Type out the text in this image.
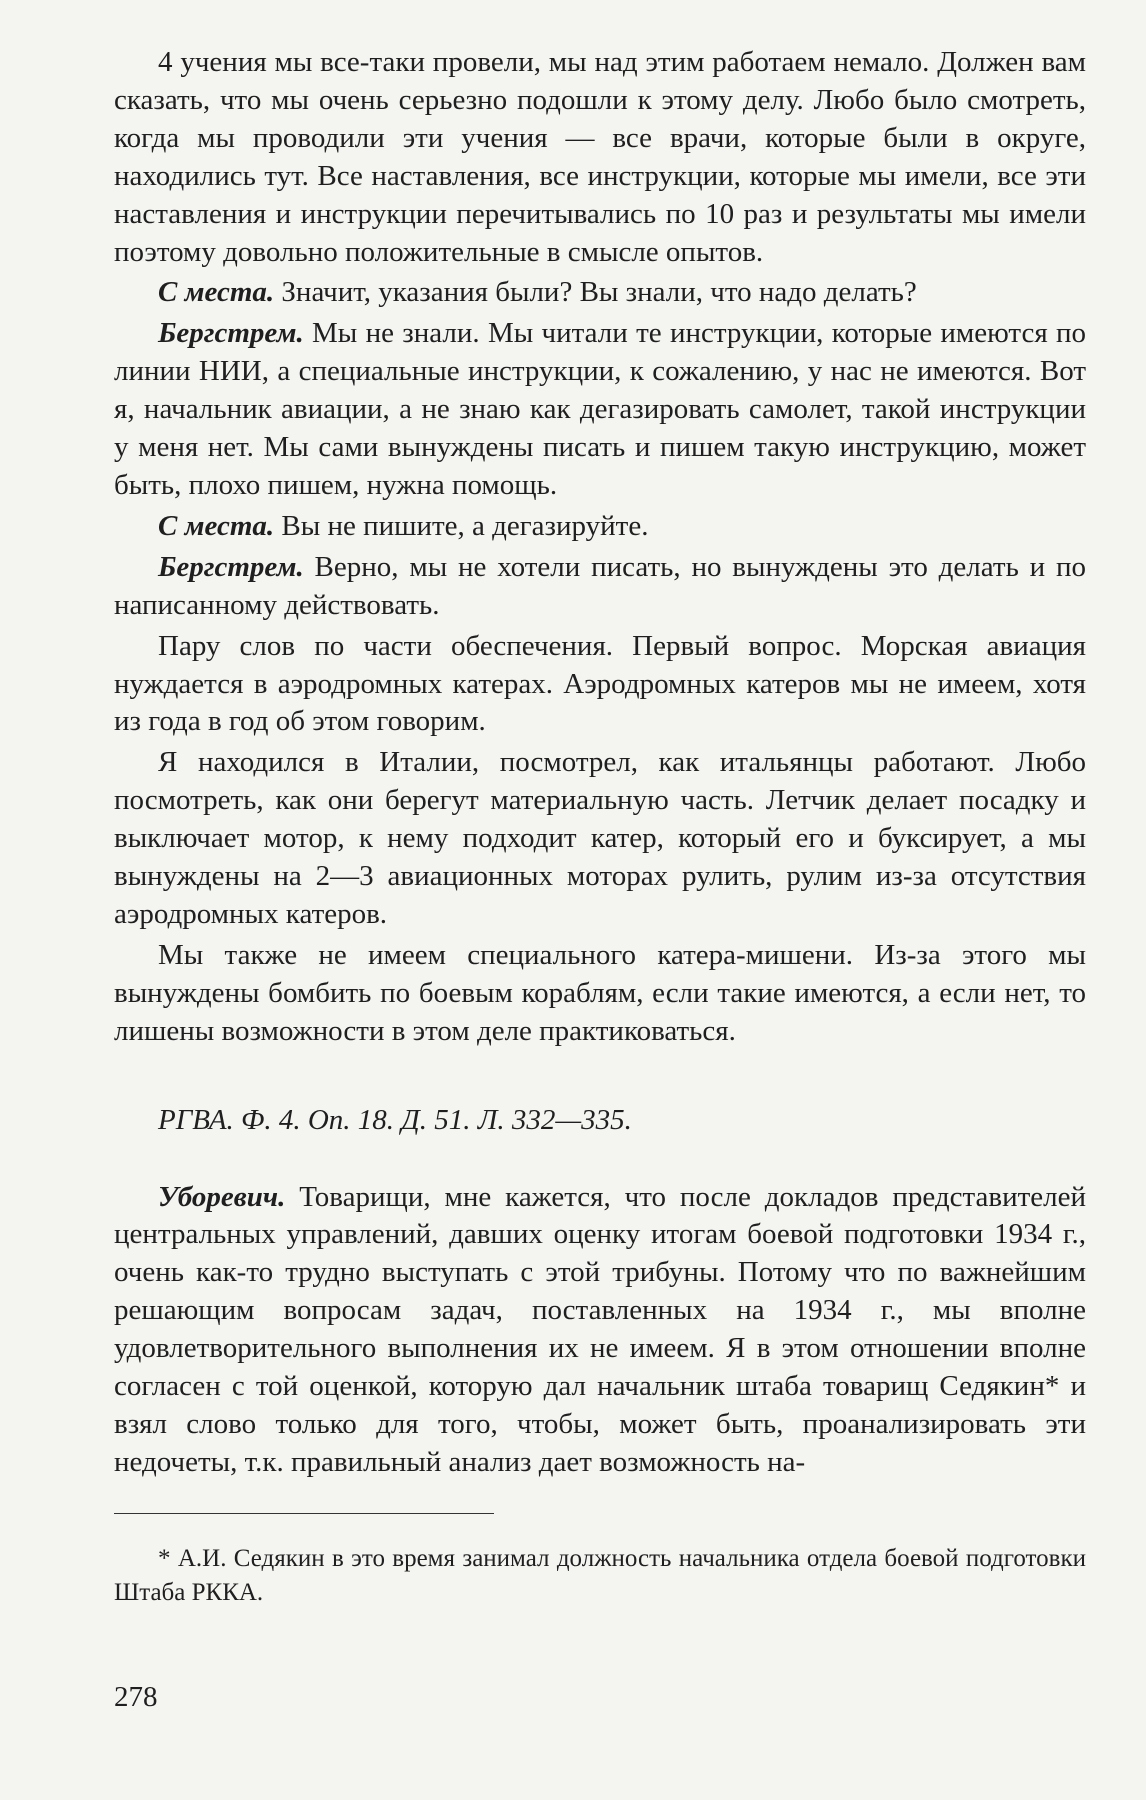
4 учения мы все-таки провели, мы над этим работаем немало. Должен вам сказать, что мы очень серьезно подошли к этому делу. Любо было смотреть, когда мы проводили эти учения — все врачи, которые были в округе, находились тут. Все наставления, все инструкции, которые мы имели, все эти наставления и инструкции перечитывались по 10 раз и результаты мы имели поэтому довольно положительные в смысле опытов.

С места. Значит, указания были? Вы знали, что надо делать?

Бергстрем. Мы не знали. Мы читали те инструкции, которые имеются по линии НИИ, а специальные инструкции, к сожалению, у нас не имеются. Вот я, начальник авиации, а не знаю как дегазировать самолет, такой инструкции у меня нет. Мы сами вынуждены писать и пишем такую инструкцию, может быть, плохо пишем, нужна помощь.

С места. Вы не пишите, а дегазируйте.

Бергстрем. Верно, мы не хотели писать, но вынуждены это делать и по написанному действовать.

Пару слов по части обеспечения. Первый вопрос. Морская авиация нуждается в аэродромных катерах. Аэродромных катеров мы не имеем, хотя из года в год об этом говорим.

Я находился в Италии, посмотрел, как итальянцы работают. Любо посмотреть, как они берегут материальную часть. Летчик делает посадку и выключает мотор, к нему подходит катер, который его и буксирует, а мы вынуждены на 2—3 авиационных моторах рулить, рулим из-за отсутствия аэродромных катеров.

Мы также не имеем специального катера-мишени. Из-за этого мы вынуждены бомбить по боевым кораблям, если такие имеются, а если нет, то лишены возможности в этом деле практиковаться.

РГВА. Ф. 4. Оп. 18. Д. 51. Л. 332—335.

Уборевич. Товарищи, мне кажется, что после докладов представителей центральных управлений, давших оценку итогам боевой подготовки 1934 г., очень как-то трудно выступать с этой трибуны. Потому что по важнейшим решающим вопросам задач, поставленных на 1934 г., мы вполне удовлетворительного выполнения их не имеем. Я в этом отношении вполне согласен с той оценкой, которую дал начальник штаба товарищ Седякин* и взял слово только для того, чтобы, может быть, проанализировать эти недочеты, т.к. правильный анализ дает возможность на-

* А.И. Седякин в это время занимал должность начальника отдела боевой подготовки Штаба РККА.

278
